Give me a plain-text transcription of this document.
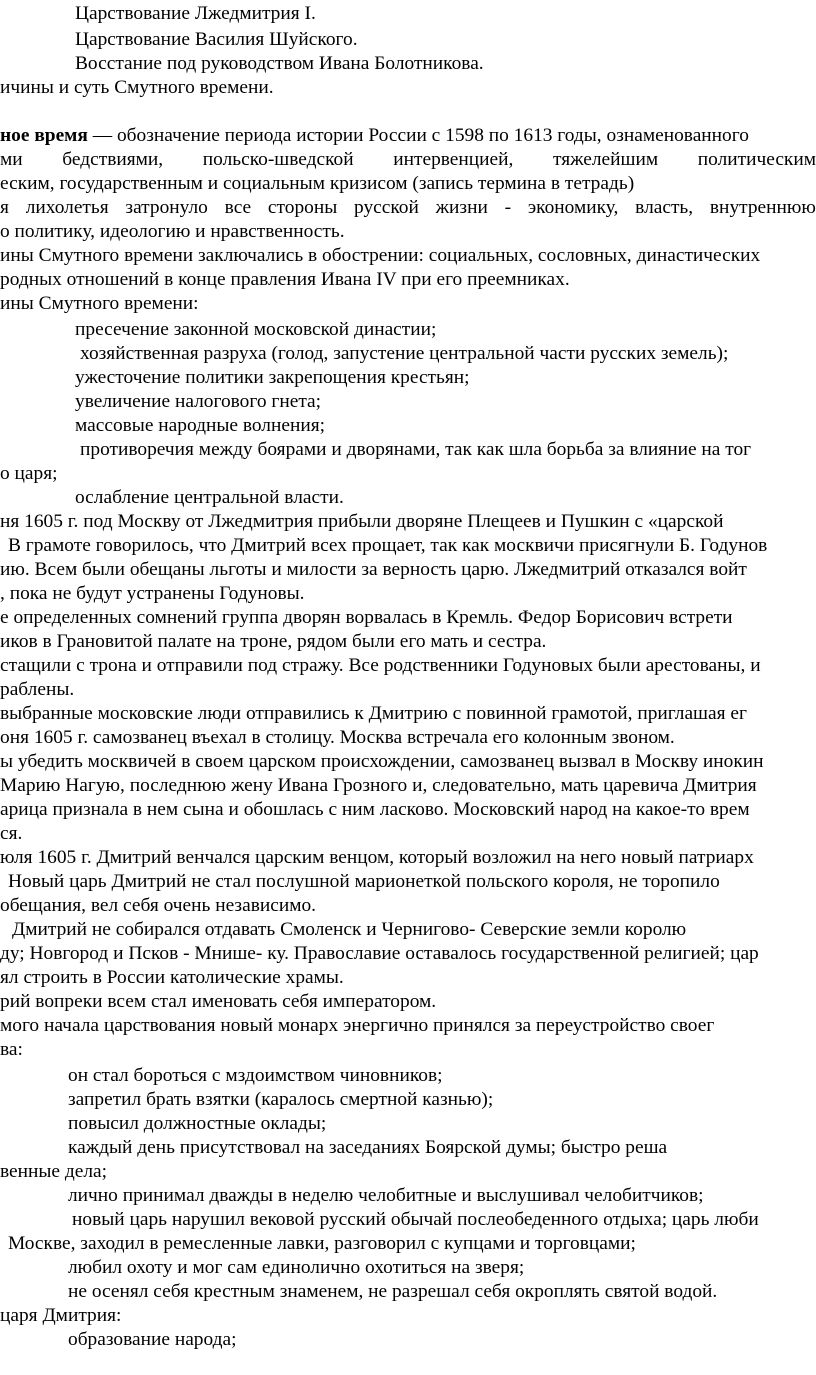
Царствование Лжедмитрия I.
Царствование Василия Шуйского.
Восстание под руководством Ивана Болотникова.
ичины и суть Смутного времени.
ное время — обозначение периода истории России с 1598 по 1613 годы, ознаменованного
ми бедствиями, польско-шведской интервенцией, тяжелейшим политическим
еским, государственным и социальным кризисом (запись термина в тетрадь)
я лихолетья затронуло все стороны русской жизни - экономику, власть, внутреннюю
о политику, идеологию и нравственность.
ины Смутного времени заключались в обострении: социальных, сословных, династических
родных отношений в конце правления Ивана IV при его преемниках.
ины Смутного времени:
пресечение законной московской династии;
хозяйственная разруха (голод, запустение центральной части русских земель);
ужесточение политики закрепощения крестьян;
увеличение налогового гнета;
массовые народные волнения;
противоречия между боярами и дворянами, так как шла борьба за влияние на тог
о царя;
ослабление центральной власти.
ня 1605 г. под Москву от Лжедмитрия прибыли дворяне Плещеев и Пушкин с «царской
В грамоте говорилось, что Дмитрий всех прощает, так как москвичи присягнули Б. Годунов
ию. Всем были обещаны льготы и милости за верность царю. Лжедмитрий отказался войт
, пока не будут устранены Годуновы.
е определенных сомнений группа дворян ворвалась в Кремль. Федор Борисович встрети
иков в Грановитой палате на троне, рядом были его мать и сестра.
стащили с трона и отправили под стражу. Все родственники Годуновых были арестованы, и
раблены.
выбранные московские люди отправились к Дмитрию с повинной грамотой, приглашая ег
оня 1605 г. самозванец въехал в столицу. Москва встречала его колонным звоном.
ы убедить москвичей в своем царском происхождении, самозванец вызвал в Москву инокин
Марию Нагую, последнюю жену Ивана Грозного и, следовательно, мать царевича Дмитрия
арица признала в нем сына и обошлась с ним ласково. Московский народ на какое-то врем
ся.
юля 1605 г. Дмитрий венчался царским венцом, который возложил на него новый патриарх
Новый царь Дмитрий не стал послушной марионеткой польского короля, не торопило
обещания, вел себя очень независимо.
Дмитрий не собирался отдавать Смоленск и Чернигово- Северские земли королю
ду; Новгород и Псков - Мнише- ку. Православие оставалось государственной религией; цар
ял строить в России католические храмы.
рий вопреки всем стал именовать себя императором.
мого начала царствования новый монарх энергично принялся за переустройство своег
ва:
он стал бороться с мздоимством чиновников;
запретил брать взятки (каралось смертной казнью);
повысил должностные оклады;
каждый день присутствовал на заседаниях Боярской думы; быстро реша
венные дела;
лично принимал дважды в неделю челобитные и выслушивал челобитчиков;
новый царь нарушил вековой русский обычай послеобеденного отдыха; царь люби
Москве, заходил в ремесленные лавки, разговорил с купцами и торговцами;
любил охоту и мог сам единолично охотиться на зверя;
не осенял себя крестным знаменем, не разрешал себя окроплять святой водой.
царя Дмитрия:
образование народа;
